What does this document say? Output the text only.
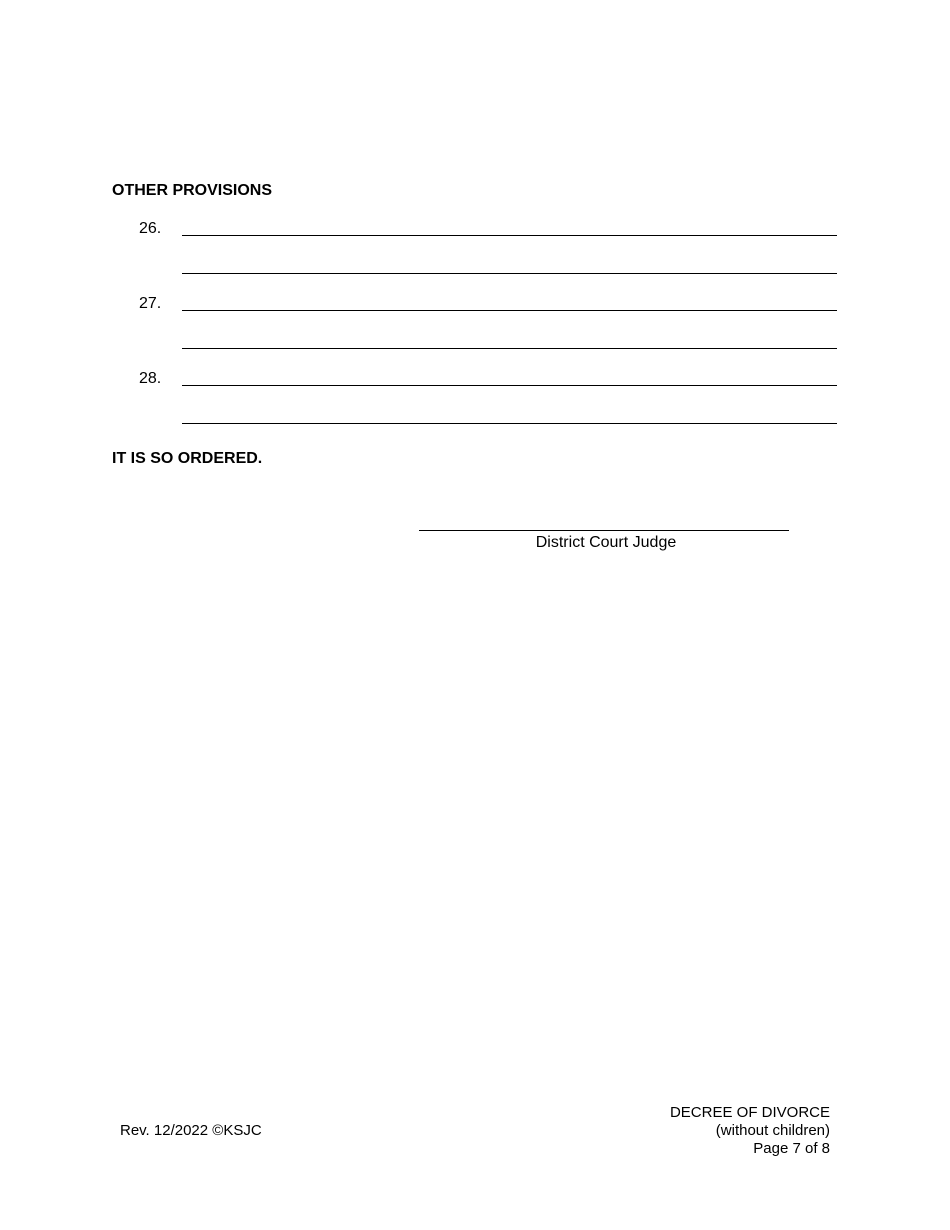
OTHER PROVISIONS
26.
27.
28.
IT IS SO ORDERED.
District Court Judge
Rev. 12/2022 ©KSJC
DECREE OF DIVORCE
(without children)
Page 7 of 8
